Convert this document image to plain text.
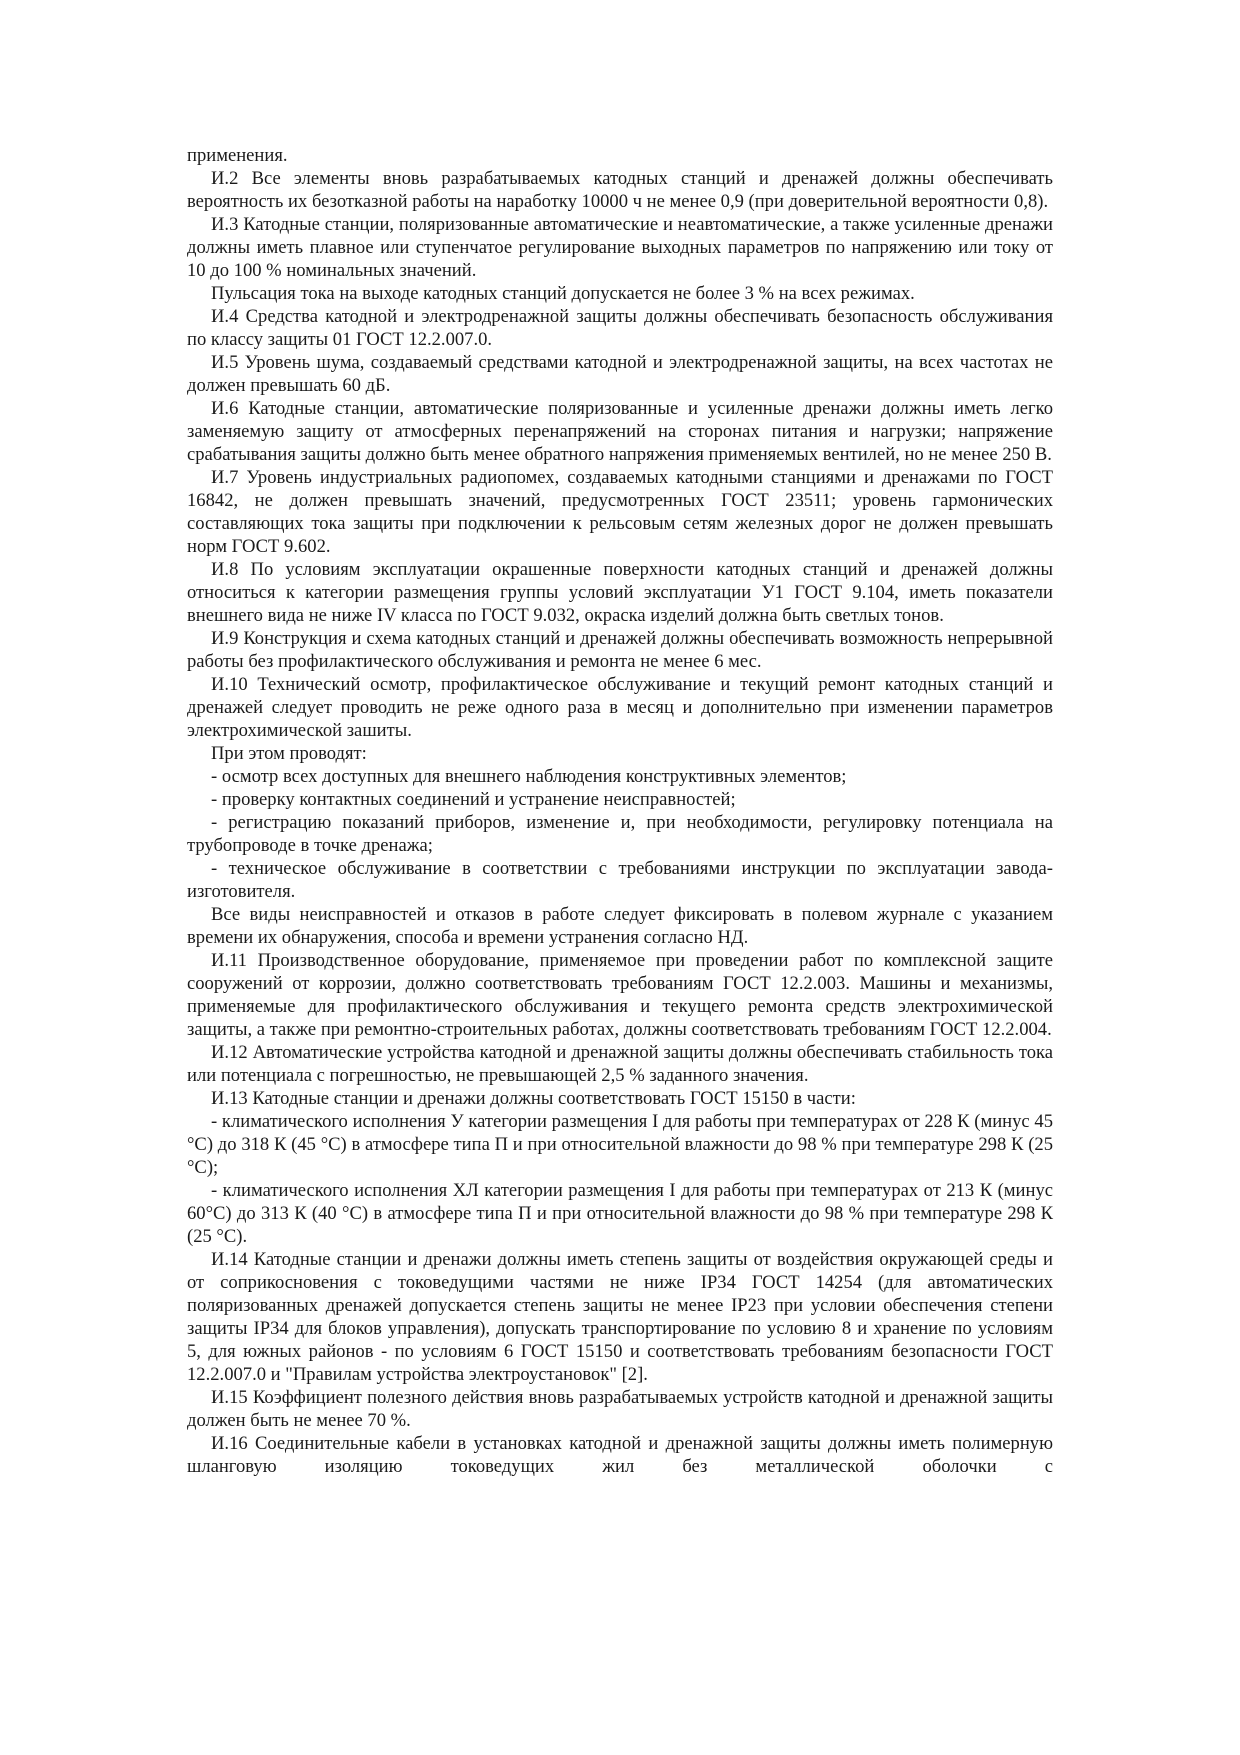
применения.

И.2 Все элементы вновь разрабатываемых катодных станций и дренажей должны обеспечивать вероятность их безотказной работы на наработку 10000 ч не менее 0,9 (при доверительной вероятности 0,8).

И.3 Катодные станции, поляризованные автоматические и неавтоматические, а также усиленные дренажи должны иметь плавное или ступенчатое регулирование выходных параметров по напряжению или току от 10 до 100 % номинальных значений.

Пульсация тока на выходе катодных станций допускается не более 3 % на всех режимах.

И.4 Средства катодной и электродренажной защиты должны обеспечивать безопасность обслуживания по классу защиты 01 ГОСТ 12.2.007.0.

И.5 Уровень шума, создаваемый средствами катодной и электродренажной защиты, на всех частотах не должен превышать 60 дБ.

И.6 Катодные станции, автоматические поляризованные и усиленные дренажи должны иметь легко заменяемую защиту от атмосферных перенапряжений на сторонах питания и нагрузки; напряжение срабатывания защиты должно быть менее обратного напряжения применяемых вентилей, но не менее 250 В.

И.7 Уровень индустриальных радиопомех, создаваемых катодными станциями и дренажами по ГОСТ 16842, не должен превышать значений, предусмотренных ГОСТ 23511; уровень гармонических составляющих тока защиты при подключении к рельсовым сетям железных дорог не должен превышать норм ГОСТ 9.602.

И.8 По условиям эксплуатации окрашенные поверхности катодных станций и дренажей должны относиться к категории размещения группы условий эксплуатации У1 ГОСТ 9.104, иметь показатели внешнего вида не ниже IV класса по ГОСТ 9.032, окраска изделий должна быть светлых тонов.

И.9 Конструкция и схема катодных станций и дренажей должны обеспечивать возможность непрерывной работы без профилактического обслуживания и ремонта не менее 6 мес.

И.10 Технический осмотр, профилактическое обслуживание и текущий ремонт катодных станций и дренажей следует проводить не реже одного раза в месяц и дополнительно при изменении параметров электрохимической зашиты.

При этом проводят:

- осмотр всех доступных для внешнего наблюдения конструктивных элементов;

- проверку контактных соединений и устранение неисправностей;

- регистрацию показаний приборов, изменение и, при необходимости, регулировку потенциала на трубопроводе в точке дренажа;

- техническое обслуживание в соответствии с требованиями инструкции по эксплуатации завода-изготовителя.

Все виды неисправностей и отказов в работе следует фиксировать в полевом журнале с указанием времени их обнаружения, способа и времени устранения согласно НД.

И.11 Производственное оборудование, применяемое при проведении работ по комплексной защите сооружений от коррозии, должно соответствовать требованиям ГОСТ 12.2.003. Машины и механизмы, применяемые для профилактического обслуживания и текущего ремонта средств электрохимической защиты, а также при ремонтно-строительных работах, должны соответствовать требованиям ГОСТ 12.2.004.

И.12 Автоматические устройства катодной и дренажной защиты должны обеспечивать стабильность тока или потенциала с погрешностью, не превышающей 2,5 % заданного значения.

И.13 Катодные станции и дренажи должны соответствовать ГОСТ 15150 в части:

- климатического исполнения У категории размещения I для работы при температурах от 228 К (минус 45 °С) до 318 К (45 °С) в атмосфере типа П и при относительной влажности до 98 % при температуре 298 К (25 °С);

- климатического исполнения ХЛ категории размещения I для работы при температурах от 213 К (минус 60°С) до 313 К (40 °С) в атмосфере типа П и при относительной влажности до 98 % при температуре 298 К (25 °С).

И.14 Катодные станции и дренажи должны иметь степень защиты от воздействия окружающей среды и от соприкосновения с токоведущими частями не ниже IP34 ГОСТ 14254 (для автоматических поляризованных дренажей допускается степень защиты не менее IP23 при условии обеспечения степени защиты IP34 для блоков управления), допускать транспортирование по условию 8 и хранение по условиям 5, для южных районов - по условиям 6 ГОСТ 15150 и соответствовать требованиям безопасности ГОСТ 12.2.007.0 и "Правилам устройства электроустановок" [2].

И.15 Коэффициент полезного действия вновь разрабатываемых устройств катодной и дренажной защиты должен быть не менее 70 %.

И.16 Соединительные кабели в установках катодной и дренажной защиты должны иметь полимерную шланговую изоляцию токоведущих жил без металлической оболочки с
